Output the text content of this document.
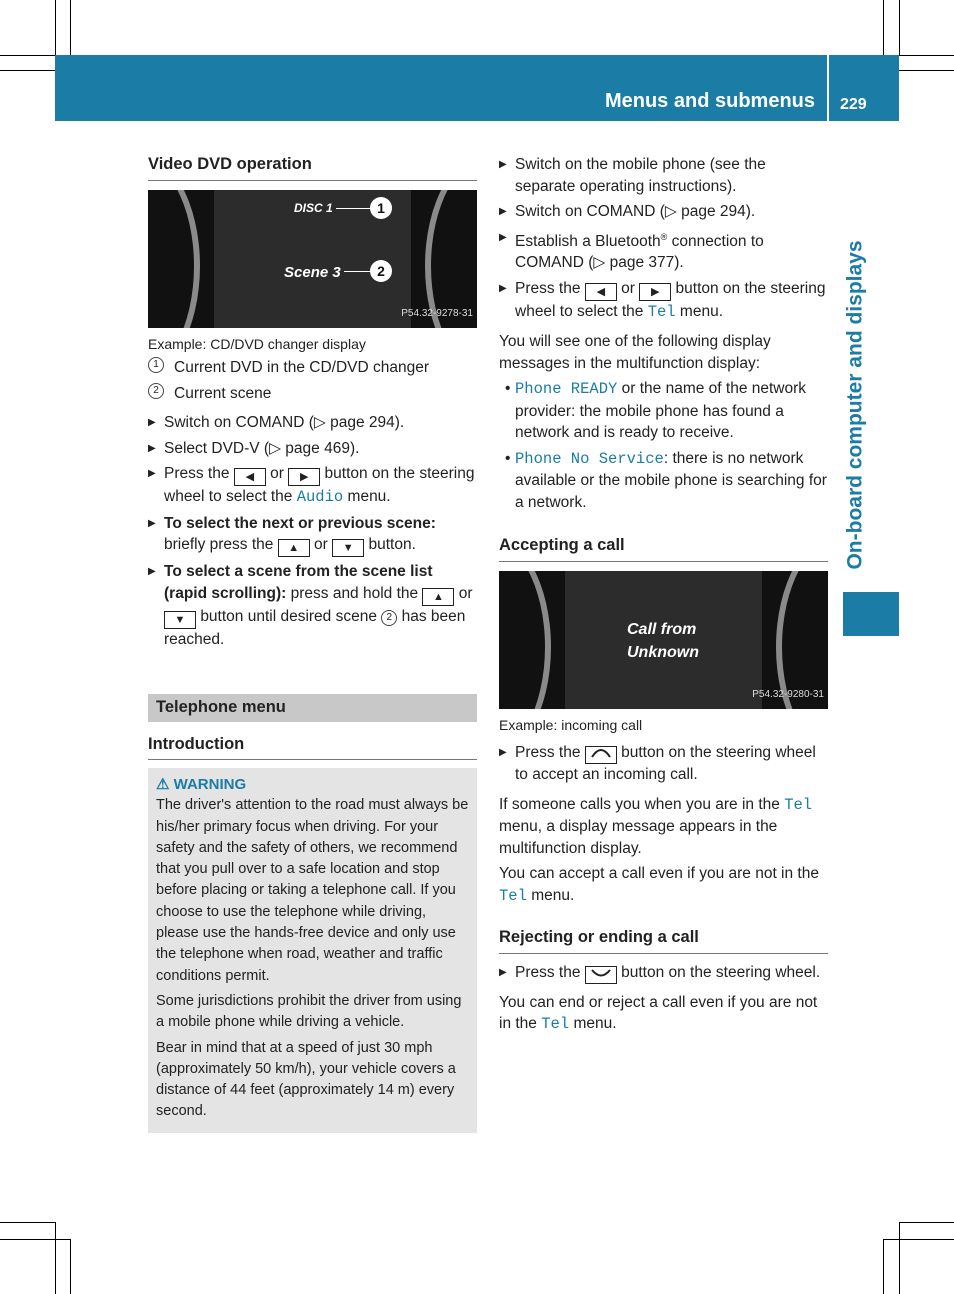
Menus and submenus 229
On-board computer and displays
Video DVD operation
DISC 1	1
Scene 3	2
P54.32-9278-31
Example: CD/DVD changer display
1 Current DVD in the CD/DVD changer
2 Current scene
▶ Switch on COMAND (▷ page 294).
▶ Select DVD-V (▷ page 469).
▶ Press the ◀ or ▶ button on the steering wheel to select the Audio menu.
▶ To select the next or previous scene: briefly press the ▲ or ▼ button.
▶ To select a scene from the scene list (rapid scrolling): press and hold the ▲ or ▼ button until desired scene 2 has been reached.
Telephone menu
Introduction
⚠ WARNING

The driver's attention to the road must always be his/her primary focus when driving. For your safety and the safety of others, we recommend that you pull over to a safe location and stop before placing or taking a telephone call. If you choose to use the telephone while driving, please use the hands-free device and only use the telephone when road, weather and traffic conditions permit.

Some jurisdictions prohibit the driver from using a mobile phone while driving a vehicle.

Bear in mind that at a speed of just 30 mph (approximately 50 km/h), your vehicle covers a distance of 44 feet (approximately 14 m) every second.

▶ Switch on the mobile phone (see the separate operating instructions).
▶ Switch on COMAND (▷ page 294).
▶ Establish a Bluetooth® connection to COMAND (▷ page 377).
▶ Press the ◀ or ▶ button on the steering wheel to select the Tel menu.

You will see one of the following display messages in the multifunction display:

• Phone READY or the name of the network provider: the mobile phone has found a network and is ready to receive.
• Phone No Service: there is no network available or the mobile phone is searching for a network.
Accepting a call
Call from
Unknown
P54.32-9280-31
Example: incoming call
▶ Press the	button on the steering wheel to accept an incoming call.

If someone calls you when you are in the Tel menu, a display message appears in the multifunction display.

You can accept a call even if you are not in the Tel menu.

Rejecting or ending a call
▶ Press the	button on the steering wheel.

You can end or reject a call even if you are not in the Tel menu.
